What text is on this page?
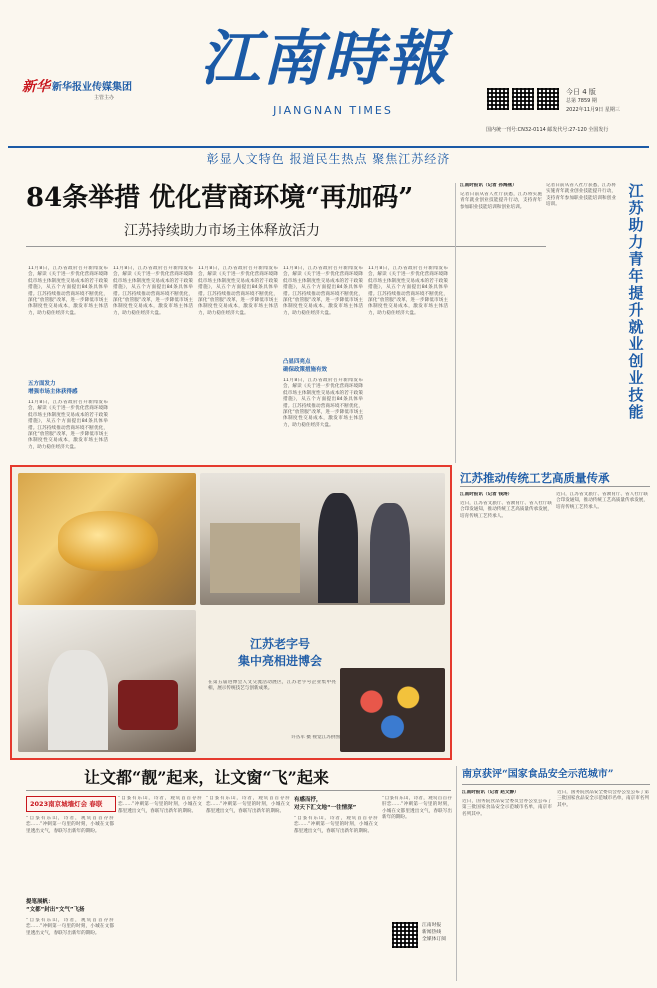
新华 新华报业传媒集团
主管主办
江南時報
JIANGNAN TIMES
今日 4 版
总第 7859 期
2022年11月9日 星期三
国内统一刊号:CN32-0114 邮发代号:27-120 全国发行
彰显人文特色 报道民生热点 聚焦江苏经济
84条举措 优化营商环境“再加码”
江苏持续助力市场主体释放活力
11月8日，江苏省政府召开新闻发布会，解读《关于进一步优化营商环境降低市场主体制度性交易成本的若干政策措施》，从五个方面提出84条具体举措。江苏持续推动营商环境不断优化，深化“放管服”改革，进一步降低市场主体制度性交易成本，激发市场主体活力，助力稳住经济大盘。
五方面发力
增强市场主体获得感
11月8日，江苏省政府召开新闻发布会，解读《关于进一步优化营商环境降低市场主体制度性交易成本的若干政策措施》，从五个方面提出84条具体举措。江苏持续推动营商环境不断优化，深化“放管服”改革，进一步降低市场主体制度性交易成本，激发市场主体活力，助力稳住经济大盘。
11月8日，江苏省政府召开新闻发布会，解读《关于进一步优化营商环境降低市场主体制度性交易成本的若干政策措施》，从五个方面提出84条具体举措。江苏持续推动营商环境不断优化，深化“放管服”改革，进一步降低市场主体制度性交易成本，激发市场主体活力，助力稳住经济大盘。
11月8日，江苏省政府召开新闻发布会，解读《关于进一步优化营商环境降低市场主体制度性交易成本的若干政策措施》，从五个方面提出84条具体举措。江苏持续推动营商环境不断优化，深化“放管服”改革，进一步降低市场主体制度性交易成本，激发市场主体活力，助力稳住经济大盘。
11月8日，江苏省政府召开新闻发布会，解读《关于进一步优化营商环境降低市场主体制度性交易成本的若干政策措施》，从五个方面提出84条具体举措。江苏持续推动营商环境不断优化，深化“放管服”改革，进一步降低市场主体制度性交易成本，激发市场主体活力，助力稳住经济大盘。
凸显四亮点
确保政策措施有效
11月8日，江苏省政府召开新闻发布会，解读《关于进一步优化营商环境降低市场主体制度性交易成本的若干政策措施》，从五个方面提出84条具体举措。江苏持续推动营商环境不断优化，深化“放管服”改革，进一步降低市场主体制度性交易成本，激发市场主体活力，助力稳住经济大盘。
11月8日，江苏省政府召开新闻发布会，解读《关于进一步优化营商环境降低市场主体制度性交易成本的若干政策措施》，从五个方面提出84条具体举措。江苏持续推动营商环境不断优化，深化“放管服”改革，进一步降低市场主体制度性交易成本，激发市场主体活力，助力稳住经济大盘。
江南时报讯（记者 孙海燕）
记者日前从省人社厅获悉，江苏将实施青年就业创业技能提升行动，支持青年参加职业技能培训和创业培训。
记者日前从省人社厅获悉，江苏将实施青年就业创业技能提升行动，支持青年参加职业技能培训和创业培训。
江苏助力青年提升就业创业技能
江苏老字号
集中亮相进博会
在第五届进博会人文交流活动展区，江苏老字号企业集中亮相，展示传统技艺与创新成果。
许丛军 摄 视觉江苏供图
江苏推动传统工艺高质量传承
江南时报讯（记者 钱涛）
近日，江苏省文旅厅、省教育厅、省人社厅联合印发通知，推动传统工艺高质量传承发展，培育传统工艺传承人。
近日，江苏省文旅厅、省教育厅、省人社厅联合印发通知，推动传统工艺高质量传承发展，培育传统工艺传承人。
让文都“靓”起来，让文窗“飞”起来
2023南京城墙灯会 春联
“自篆有东山，诗者，观赏首首存肝恋……”冲刺第一句里的时刻，小城在文都里透出文气，春联写出新年的期盼。
提笔展帆：
“文都”封出“文气”飞扬
“自篆有东山，诗者，观赏首首存肝恋……”冲刺第一句里的时刻，小城在文都里透出文气，春联写出新年的期盼。
“自篆有东山，诗者，观赏首首存肝恋……”冲刺第一句里的时刻，小城在文都里透出文气，春联写出新年的期盼。
“自篆有东山，诗者，观赏首首存肝恋……”冲刺第一句里的时刻，小城在文都里透出文气，春联写出新年的期盼。
有感而抒，
对天下汇文地“一往情深”
“自篆有东山，诗者，观赏首首存肝恋……”冲刺第一句里的时刻，小城在文都里透出文气，春联写出新年的期盼。
“自篆有东山，诗者，观赏首首存肝恋……”冲刺第一句里的时刻，小城在文都里透出文气，春联写出新年的期盼。
江南时报
新闻热线
全媒体订阅
南京获评“国家食品安全示范城市”
江南时报讯（记者 赵文静）
近日，国务院食品安全委员会办公室公布了第三批国家食品安全示范城市名单，南京市名列其中。
近日，国务院食品安全委员会办公室公布了第三批国家食品安全示范城市名单，南京市名列其中。
